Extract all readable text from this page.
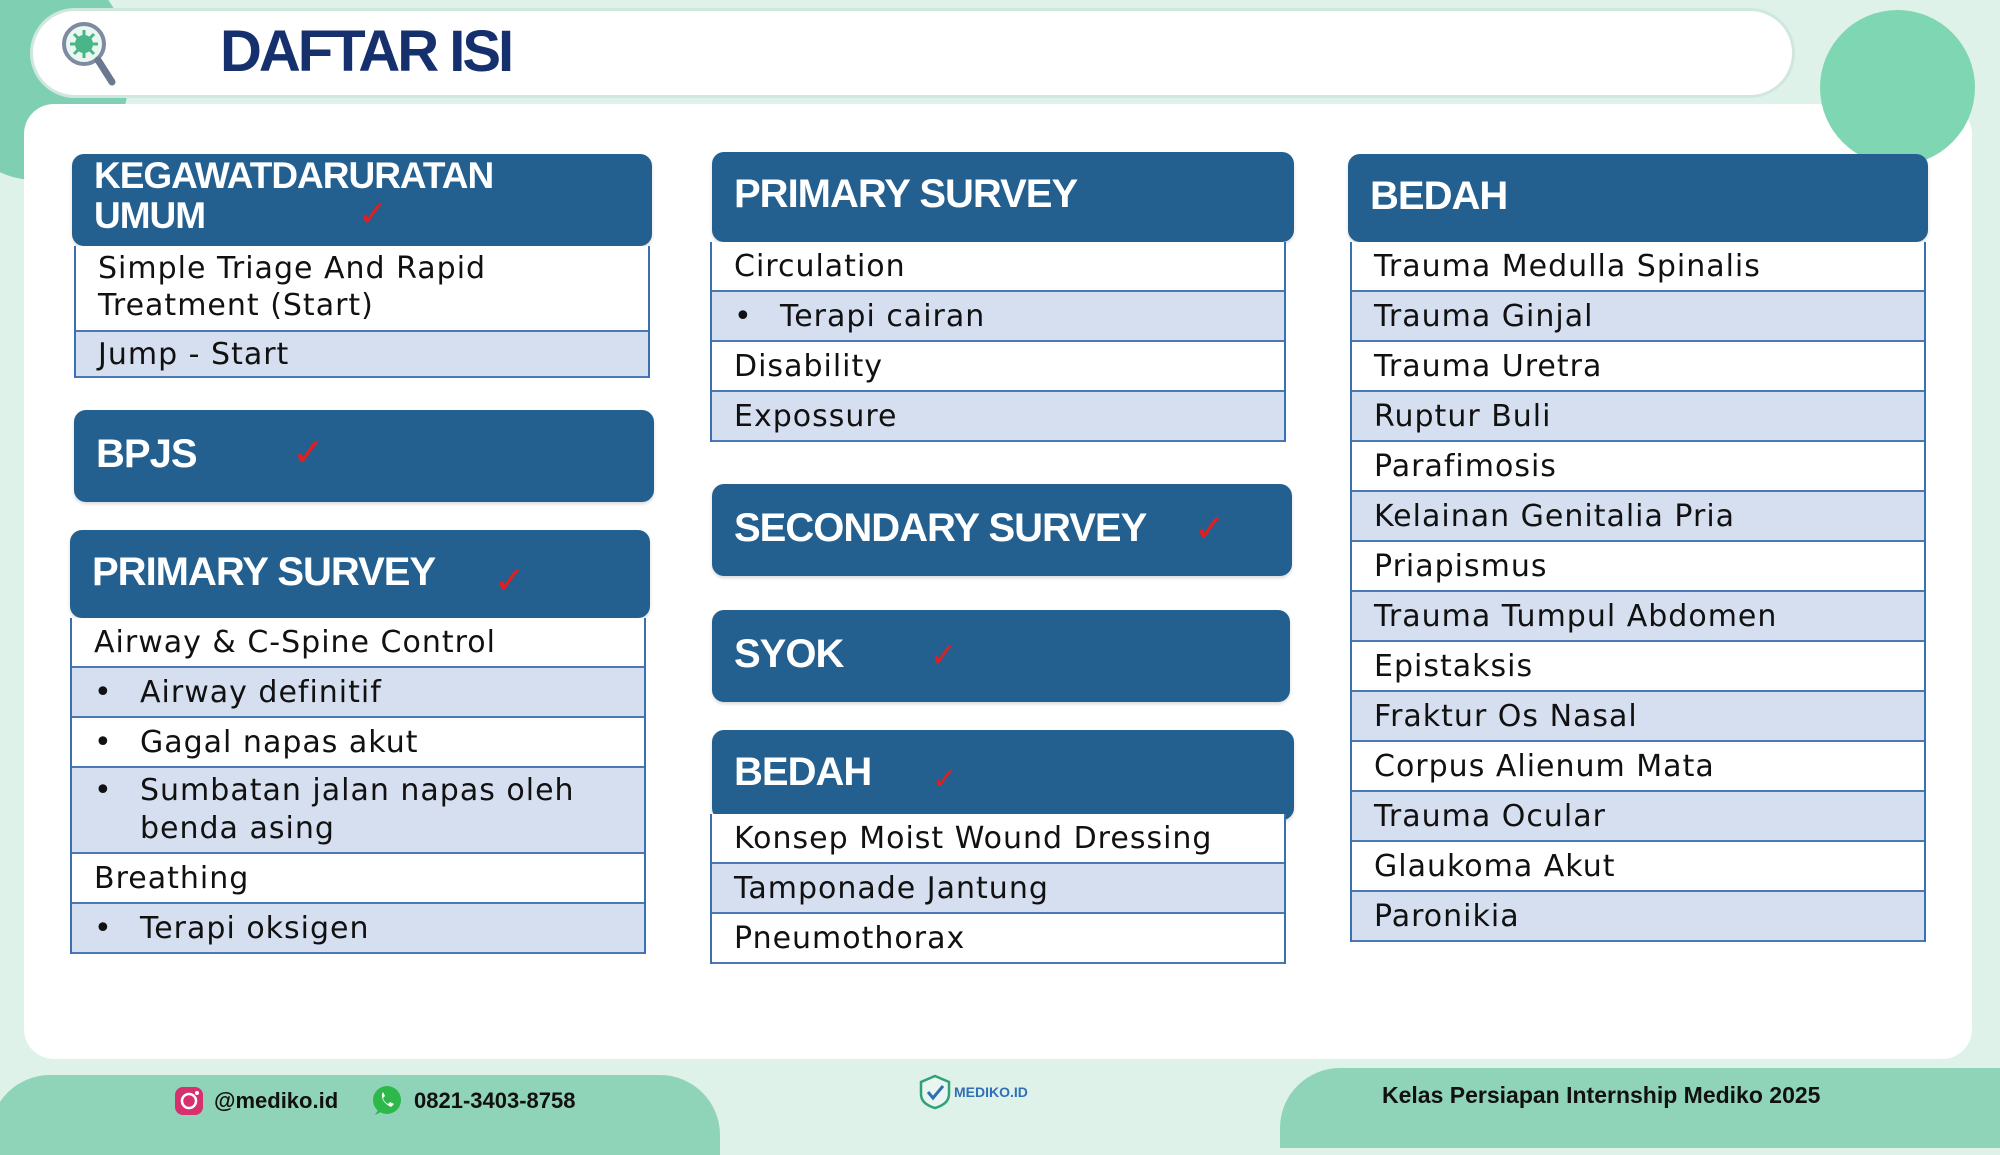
DAFTAR ISI
KEGAWATDARURATAN
UMUM	✓
Simple Triage And Rapid
Treatment (Start)
Jump - Start
BPJS ✓
PRIMARY SURVEY ✓
Airway & C-Spine Control
• Airway definitif
• Gagal napas akut
• Sumbatan jalan napas oleh
benda asing
Breathing
• Terapi oksigen
PRIMARY SURVEY
Circulation
• Terapi cairan
Disability
Expossure
SECONDARY SURVEY ✓
SYOK	✓
BEDAH ✓
Konsep Moist Wound Dressing
Tamponade Jantung
Pneumothorax
BEDAH
Trauma Medulla Spinalis
Trauma Ginjal
Trauma Uretra
Ruptur Buli
Parafimosis
Kelainan Genitalia Pria
Priapismus
Trauma Tumpul Abdomen
Epistaksis
Fraktur Os Nasal
Corpus Alienum Mata
Trauma Ocular
Glaukoma Akut
Paronikia
@mediko.id	0821-3403-8758	MEDIKO.ID	Kelas Persiapan Internship Mediko 2025
